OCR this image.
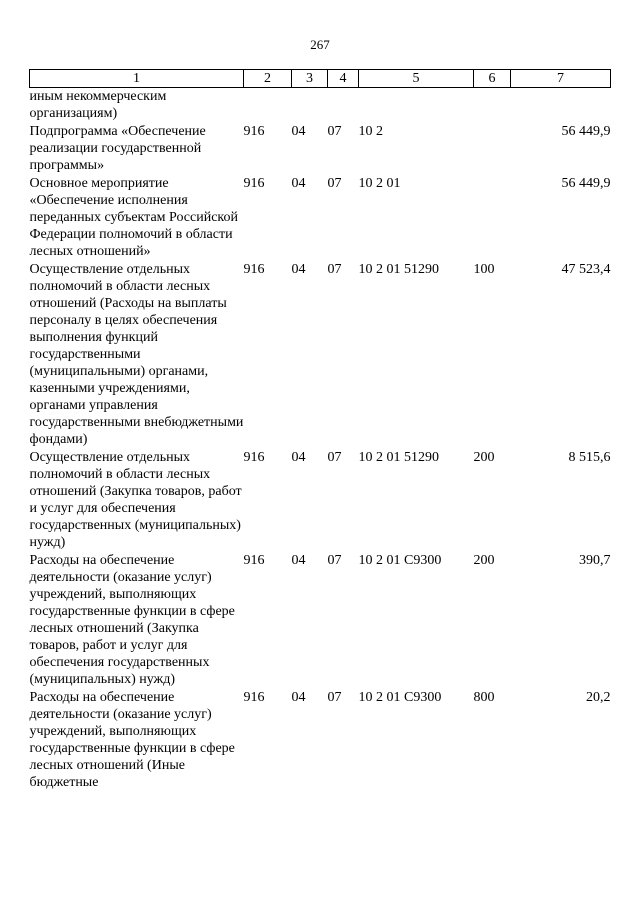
267
1	2	3	4	5	6	7
иным некоммерческим организациям)						
Подпрограмма «Обеспечение реализации государственной программы»	916	04	07	10 2		56 449,9
Основное мероприятие «Обеспечение исполнения переданных субъектам Российской Федерации полномочий в области лесных отношений»	916	04	07	10 2 01		56 449,9
Осуществление отдельных полномочий в области лесных отношений (Расходы на выплаты персоналу в целях обеспечения выполнения функций государственными (муниципальными) органами, казенными учреждениями, органами управления государственными внебюджетными фондами)	916	04	07	10 2 01 51290	100	47 523,4
Осуществление отдельных полномочий в области лесных отношений (Закупка товаров, работ и услуг для обеспечения государственных (муниципальных) нужд)	916	04	07	10 2 01 51290	200	8 515,6
Расходы на обеспечение деятельности (оказание услуг) учреждений, выполняющих государственные функции в сфере лесных отношений (Закупка товаров, работ и услуг для обеспечения государственных (муниципальных) нужд)	916	04	07	10 2 01 С9300	200	390,7
Расходы на обеспечение деятельности (оказание услуг) учреждений, выполняющих государственные функции в сфере лесных отношений (Иные бюджетные	916	04	07	10 2 01 С9300	800	20,2
